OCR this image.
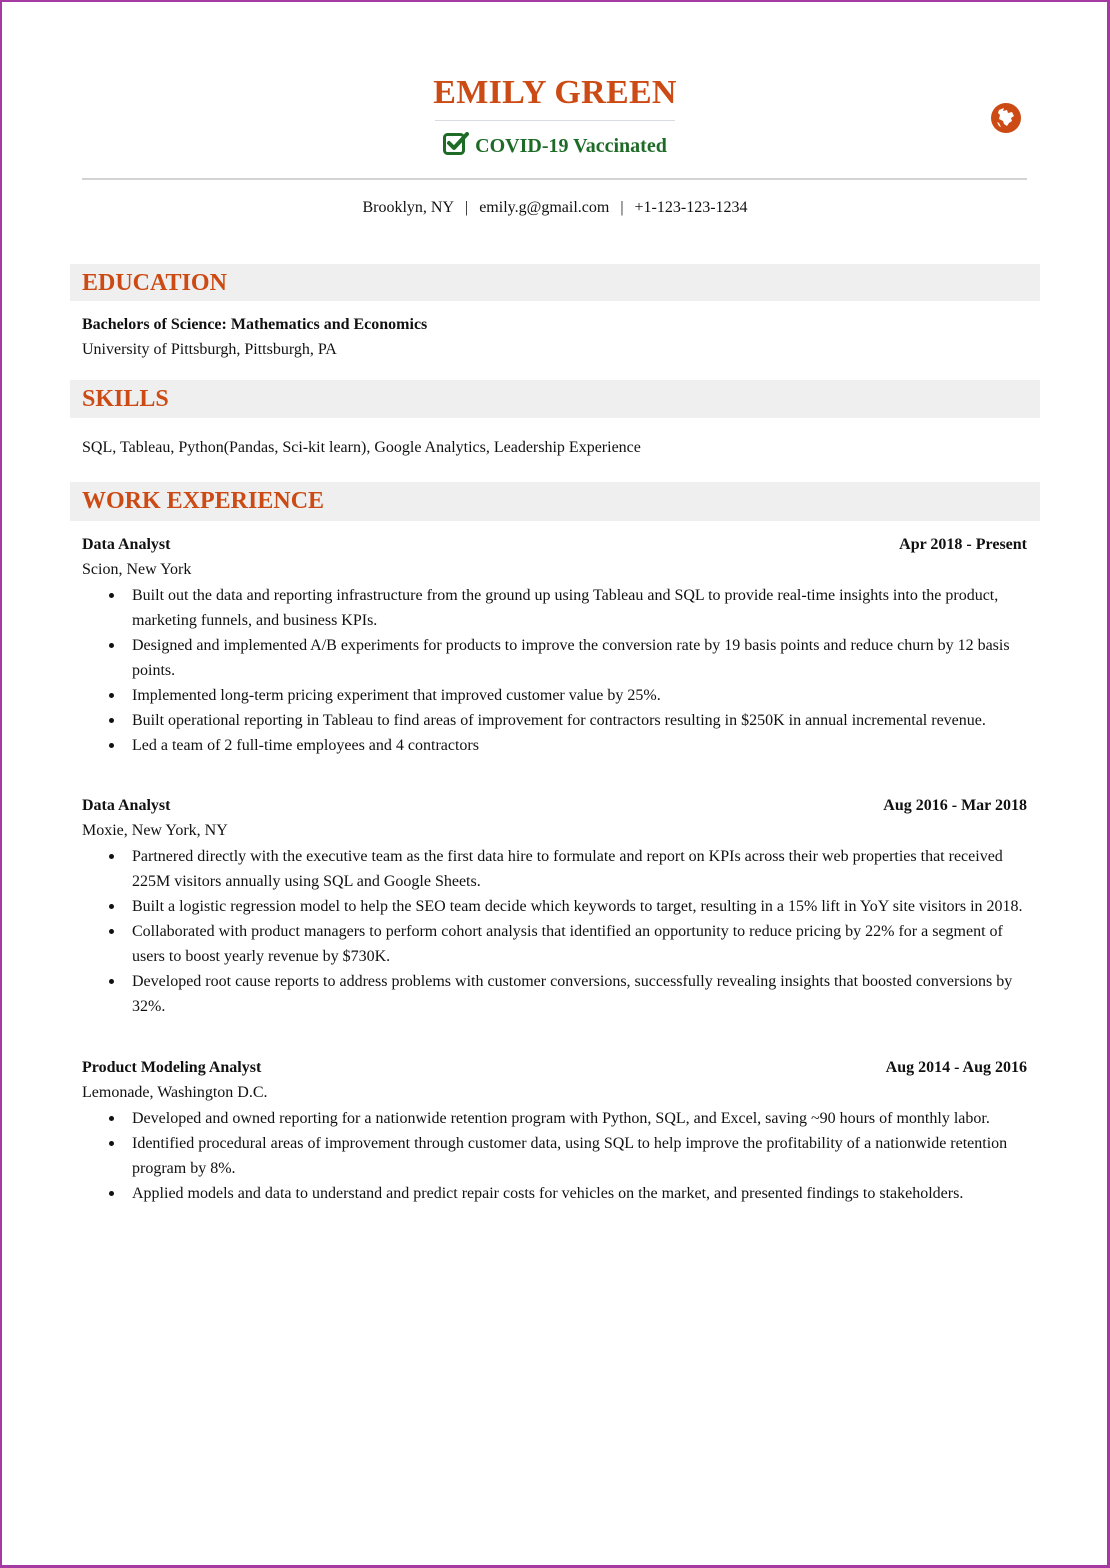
EMILY GREEN
COVID-19 Vaccinated
Brooklyn, NY | emily.g@gmail.com | +1-123-123-1234
EDUCATION
Bachelors of Science: Mathematics and Economics
University of Pittsburgh, Pittsburgh, PA
SKILLS
SQL, Tableau, Python(Pandas, Sci-kit learn), Google Analytics, Leadership Experience
WORK EXPERIENCE
Data Analyst	Apr 2018 - Present
Scion, New York
Built out the data and reporting infrastructure from the ground up using Tableau and SQL to provide real-time insights into the product, marketing funnels, and business KPIs.
Designed and implemented A/B experiments for products to improve the conversion rate by 19 basis points and reduce churn by 12 basis points.
Implemented long-term pricing experiment that improved customer value by 25%.
Built operational reporting in Tableau to find areas of improvement for contractors resulting in $250K in annual incremental revenue.
Led a team of 2 full-time employees and 4 contractors
Data Analyst	Aug 2016 - Mar 2018
Moxie, New York, NY
Partnered directly with the executive team as the first data hire to formulate and report on KPIs across their web properties that received 225M visitors annually using SQL and Google Sheets.
Built a logistic regression model to help the SEO team decide which keywords to target, resulting in a 15% lift in YoY site visitors in 2018.
Collaborated with product managers to perform cohort analysis that identified an opportunity to reduce pricing by 22% for a segment of users to boost yearly revenue by $730K.
Developed root cause reports to address problems with customer conversions, successfully revealing insights that boosted conversions by 32%.
Product Modeling Analyst	Aug 2014 - Aug 2016
Lemonade, Washington D.C.
Developed and owned reporting for a nationwide retention program with Python, SQL, and Excel, saving ~90 hours of monthly labor.
Identified procedural areas of improvement through customer data, using SQL to help improve the profitability of a nationwide retention program by 8%.
Applied models and data to understand and predict repair costs for vehicles on the market, and presented findings to stakeholders.
